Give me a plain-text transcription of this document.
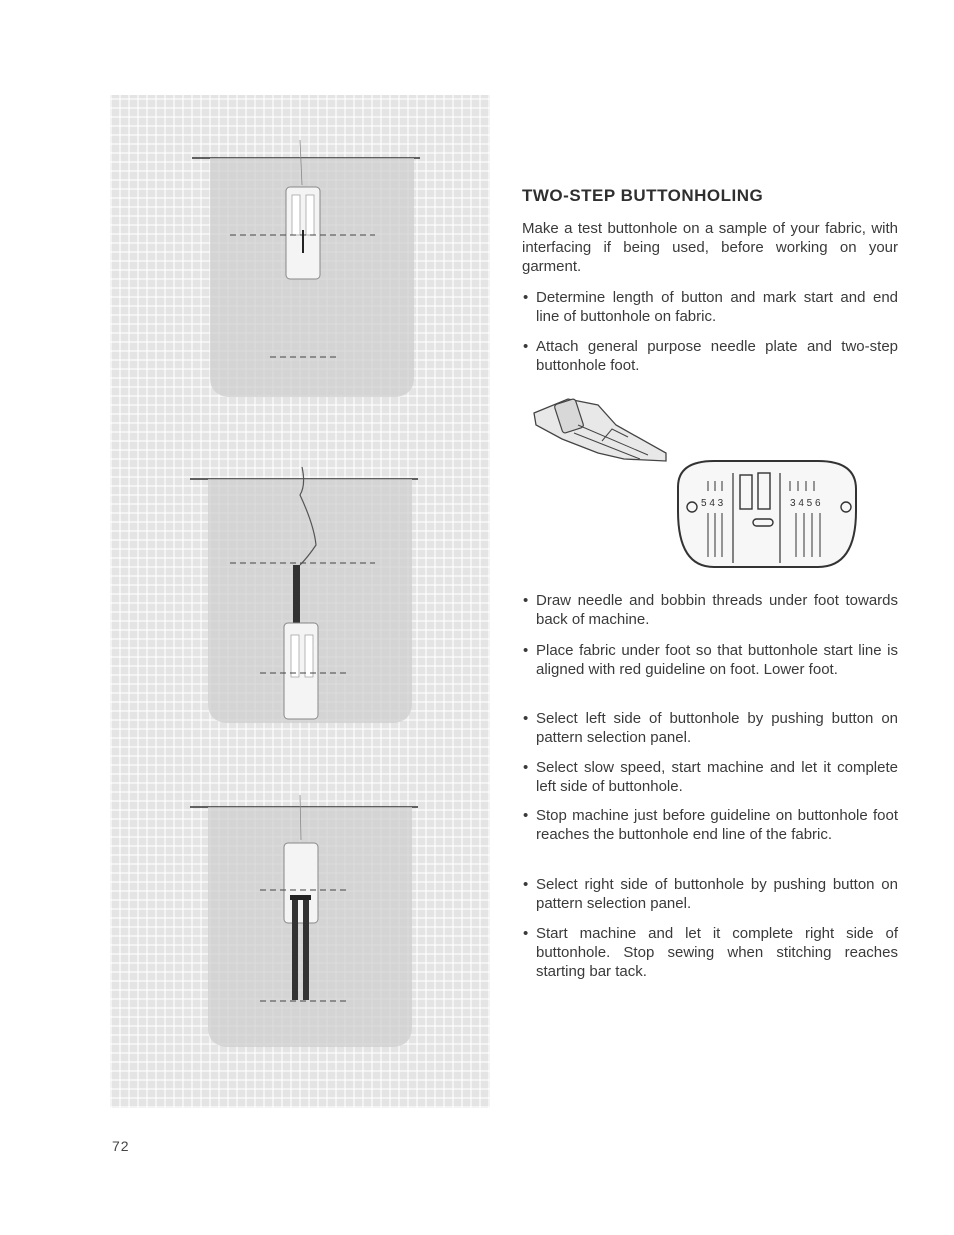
TWO-STEP BUTTONHOLING

Make a test buttonhole on a sample of your fabric, with interfacing if being used, before working on your garment.

• Determine length of button and mark start and end line of buttonhole on fabric.

• Attach general purpose needle plate and two-step buttonhole foot.

5 4 3	3 4 5 6

• Draw needle and bobbin threads under foot towards back of machine.

• Place fabric under foot so that buttonhole start line is aligned with red guideline on foot. Lower foot.

• Select left side of buttonhole by pushing button on pattern selection panel.

• Select slow speed, start machine and let it complete left side of buttonhole.

• Stop machine just before guideline on buttonhole foot reaches the buttonhole end line of the fabric.

• Select right side of buttonhole by pushing button on pattern selection panel.

• Start machine and let it complete right side of buttonhole. Stop sewing when stitching reaches starting bar tack.

72
